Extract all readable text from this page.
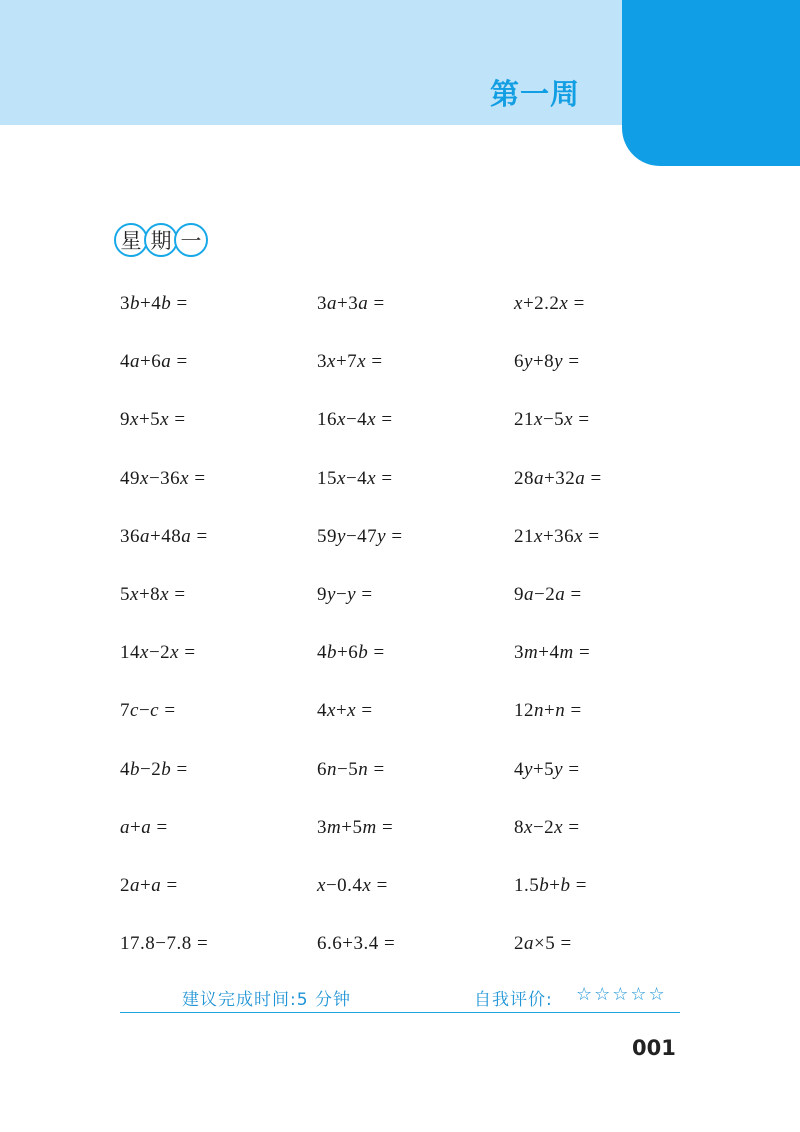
第一周
星 期 一
3b+4b =	3a+3a =	x+2.2x =
4a+6a =	3x+7x =	6y+8y =
9x+5x =	16x−4x =	21x−5x =
49x−36x =	15x−4x =	28a+32a =
36a+48a =	59y−47y =	21x+36x =
5x+8x =	9y−y =	9a−2a =
14x−2x =	4b+6b =	3m+4m =
7c−c =	4x+x =	12n+n =
4b−2b =	6n−5n =	4y+5y =
a+a =	3m+5m =	8x−2x =
2a+a =	x−0.4x =	1.5b+b =
17.8−7.8 =	6.6+3.4 =	2a×5 =
建议完成时间:5 分钟	自我评价: ☆☆☆☆☆
001
